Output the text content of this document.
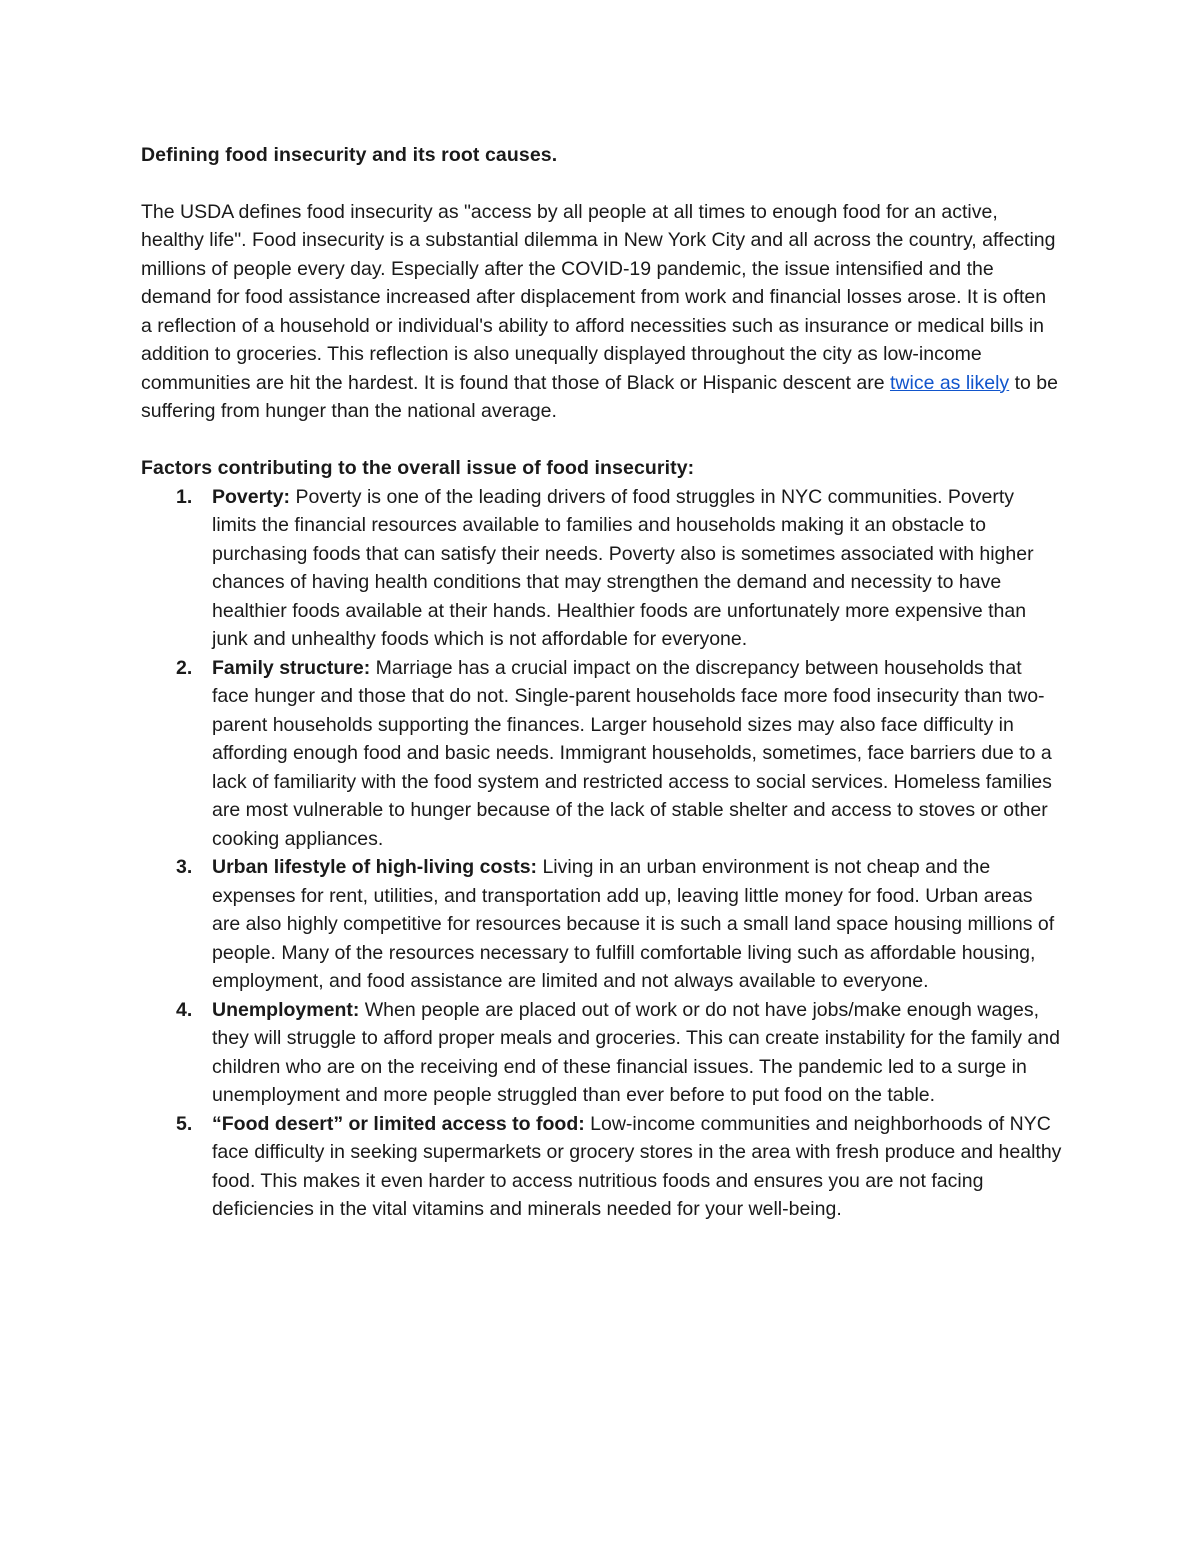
Defining food insecurity and its root causes.

The USDA defines food insecurity as "access by all people at all times to enough food for an active, healthy life". Food insecurity is a substantial dilemma in New York City and all across the country, affecting millions of people every day. Especially after the COVID-19 pandemic, the issue intensified and the demand for food assistance increased after displacement from work and financial losses arose. It is often a reflection of a household or individual's ability to afford necessities such as insurance or medical bills in addition to groceries. This reflection is also unequally displayed throughout the city as low-income communities are hit the hardest. It is found that those of Black or Hispanic descent are twice as likely to be suffering from hunger than the national average.

Factors contributing to the overall issue of food insecurity:
1. Poverty: Poverty is one of the leading drivers of food struggles in NYC communities. Poverty limits the financial resources available to families and households making it an obstacle to purchasing foods that can satisfy their needs. Poverty also is sometimes associated with higher chances of having health conditions that may strengthen the demand and necessity to have healthier foods available at their hands. Healthier foods are unfortunately more expensive than junk and unhealthy foods which is not affordable for everyone.
2. Family structure: Marriage has a crucial impact on the discrepancy between households that face hunger and those that do not. Single-parent households face more food insecurity than two-parent households supporting the finances. Larger household sizes may also face difficulty in affording enough food and basic needs. Immigrant households, sometimes, face barriers due to a lack of familiarity with the food system and restricted access to social services. Homeless families are most vulnerable to hunger because of the lack of stable shelter and access to stoves or other cooking appliances.
3. Urban lifestyle of high-living costs: Living in an urban environment is not cheap and the expenses for rent, utilities, and transportation add up, leaving little money for food. Urban areas are also highly competitive for resources because it is such a small land space housing millions of people. Many of the resources necessary to fulfill comfortable living such as affordable housing, employment, and food assistance are limited and not always available to everyone.
4. Unemployment: When people are placed out of work or do not have jobs/make enough wages, they will struggle to afford proper meals and groceries. This can create instability for the family and children who are on the receiving end of these financial issues. The pandemic led to a surge in unemployment and more people struggled than ever before to put food on the table.
5. “Food desert” or limited access to food: Low-income communities and neighborhoods of NYC face difficulty in seeking supermarkets or grocery stores in the area with fresh produce and healthy food. This makes it even harder to access nutritious foods and ensures you are not facing deficiencies in the vital vitamins and minerals needed for your well-being.
